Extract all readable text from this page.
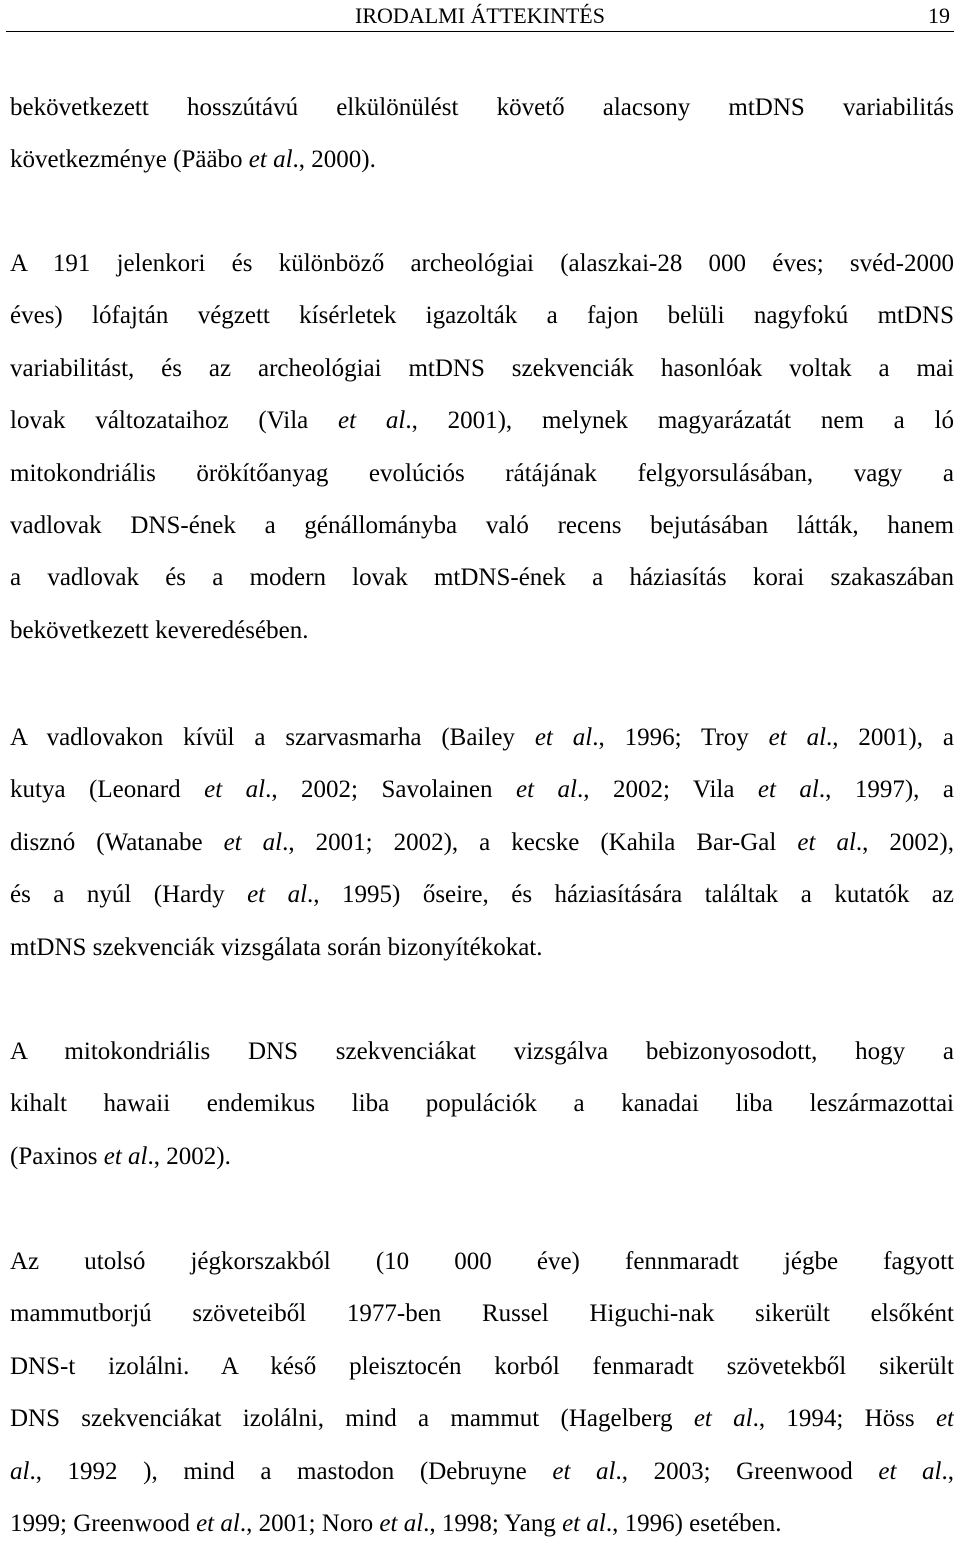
IRODALMI ÁTTEKINTÉS	19
bekövetkezett hosszútávú elkülönülést követő alacsony mtDNS variabilitás
következménye (Pääbo et al., 2000).
A 191 jelenkori és különböző archeológiai (alaszkai-28 000 éves; svéd-2000
éves) lófajtán végzett kísérletek igazolták a fajon belüli nagyfokú mtDNS
variabilitást, és az archeológiai mtDNS szekvenciák hasonlóak voltak a mai
lovak változataihoz (Vila et al., 2001), melynek magyarázatát nem a ló
mitokondriális örökítőanyag evolúciós rátájának felgyorsulásában, vagy a
vadlovak DNS-ének a génállományba való recens bejutásában látták, hanem
a vadlovak és a modern lovak mtDNS-ének a háziasítás korai szakaszában
bekövetkezett keveredésében.
A vadlovakon kívül a szarvasmarha (Bailey et al., 1996; Troy et al., 2001), a
kutya (Leonard et al., 2002; Savolainen et al., 2002; Vila et al., 1997), a
disznó (Watanabe et al., 2001; 2002), a kecske (Kahila Bar-Gal et al., 2002),
és a nyúl (Hardy et al., 1995) őseire, és háziasítására találtak a kutatók az
mtDNS szekvenciák vizsgálata során bizonyítékokat.
A mitokondriális DNS szekvenciákat vizsgálva bebizonyosodott, hogy a
kihalt hawaii endemikus liba populációk a kanadai liba leszármazottai
(Paxinos et al., 2002).
Az utolsó jégkorszakból (10 000 éve) fennmaradt jégbe fagyott
mammutborjú szöveteiből 1977-ben Russel Higuchi-nak sikerült elsőként
DNS-t izolálni. A késő pleisztocén korból fenmaradt szövetekből sikerült
DNS szekvenciákat izolálni, mind a mammut (Hagelberg et al., 1994; Höss et
al., 1992 ), mind a mastodon (Debruyne et al., 2003; Greenwood et al.,
1999; Greenwood et al., 2001; Noro et al., 1998; Yang et al., 1996) esetében.
